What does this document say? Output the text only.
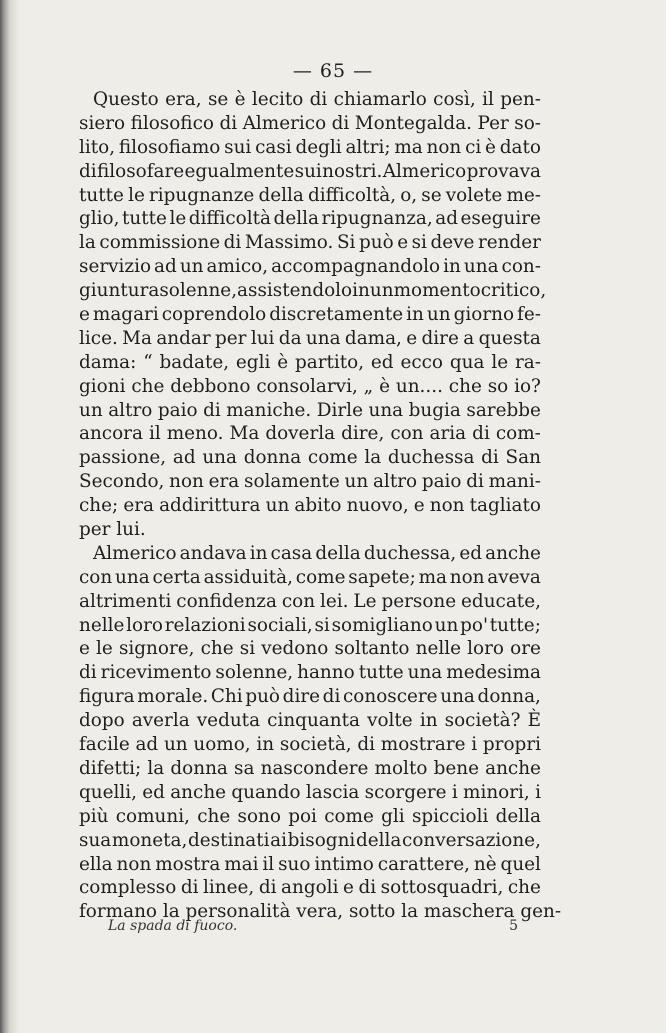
— 65 —
Questo era, se è lecito di chiamarlo così, il pen-
siero filosofico di Almerico di Montegalda. Per so-
lito, filosofiamo sui casi degli altri; ma non ci è dato
di filosofare egualmente sui nostri. Almerico provava
tutte le ripugnanze della difficoltà, o, se volete me-
glio, tutte le difficoltà della ripugnanza, ad eseguire
la commissione di Massimo. Si può e si deve render
servizio ad un amico, accompagnandolo in una con-
giuntura solenne, assistendolo in un momento critico,
e magari coprendolo discretamente in un giorno fe-
lice. Ma andar per lui da una dama, e dire a questa
dama: “ badate, egli è partito, ed ecco qua le ra-
gioni che debbono consolarvi, „ è un.... che so io?
un altro paio di maniche. Dirle una bugia sarebbe
ancora il meno. Ma doverla dire, con aria di com-
passione, ad una donna come la duchessa di San
Secondo, non era solamente un altro paio di mani-
che; era addirittura un abito nuovo, e non tagliato
per lui.
Almerico andava in casa della duchessa, ed anche
con una certa assiduità, come sapete; ma non aveva
altrimenti confidenza con lei. Le persone educate,
nelle loro relazioni sociali, si somigliano un po' tutte;
e le signore, che si vedono soltanto nelle loro ore
di ricevimento solenne, hanno tutte una medesima
figura morale. Chi può dire di conoscere una donna,
dopo averla veduta cinquanta volte in società? È
facile ad un uomo, in società, di mostrare i propri
difetti; la donna sa nascondere molto bene anche
quelli, ed anche quando lascia scorgere i minori, i
più comuni, che sono poi come gli spiccioli della
sua moneta, destinati ai bisogni della conversazione,
ella non mostra mai il suo intimo carattere, nè quel
complesso di linee, di angoli e di sottosquadri, che
formano la personalità vera, sotto la maschera gen-
La spada di fuoco.	5
